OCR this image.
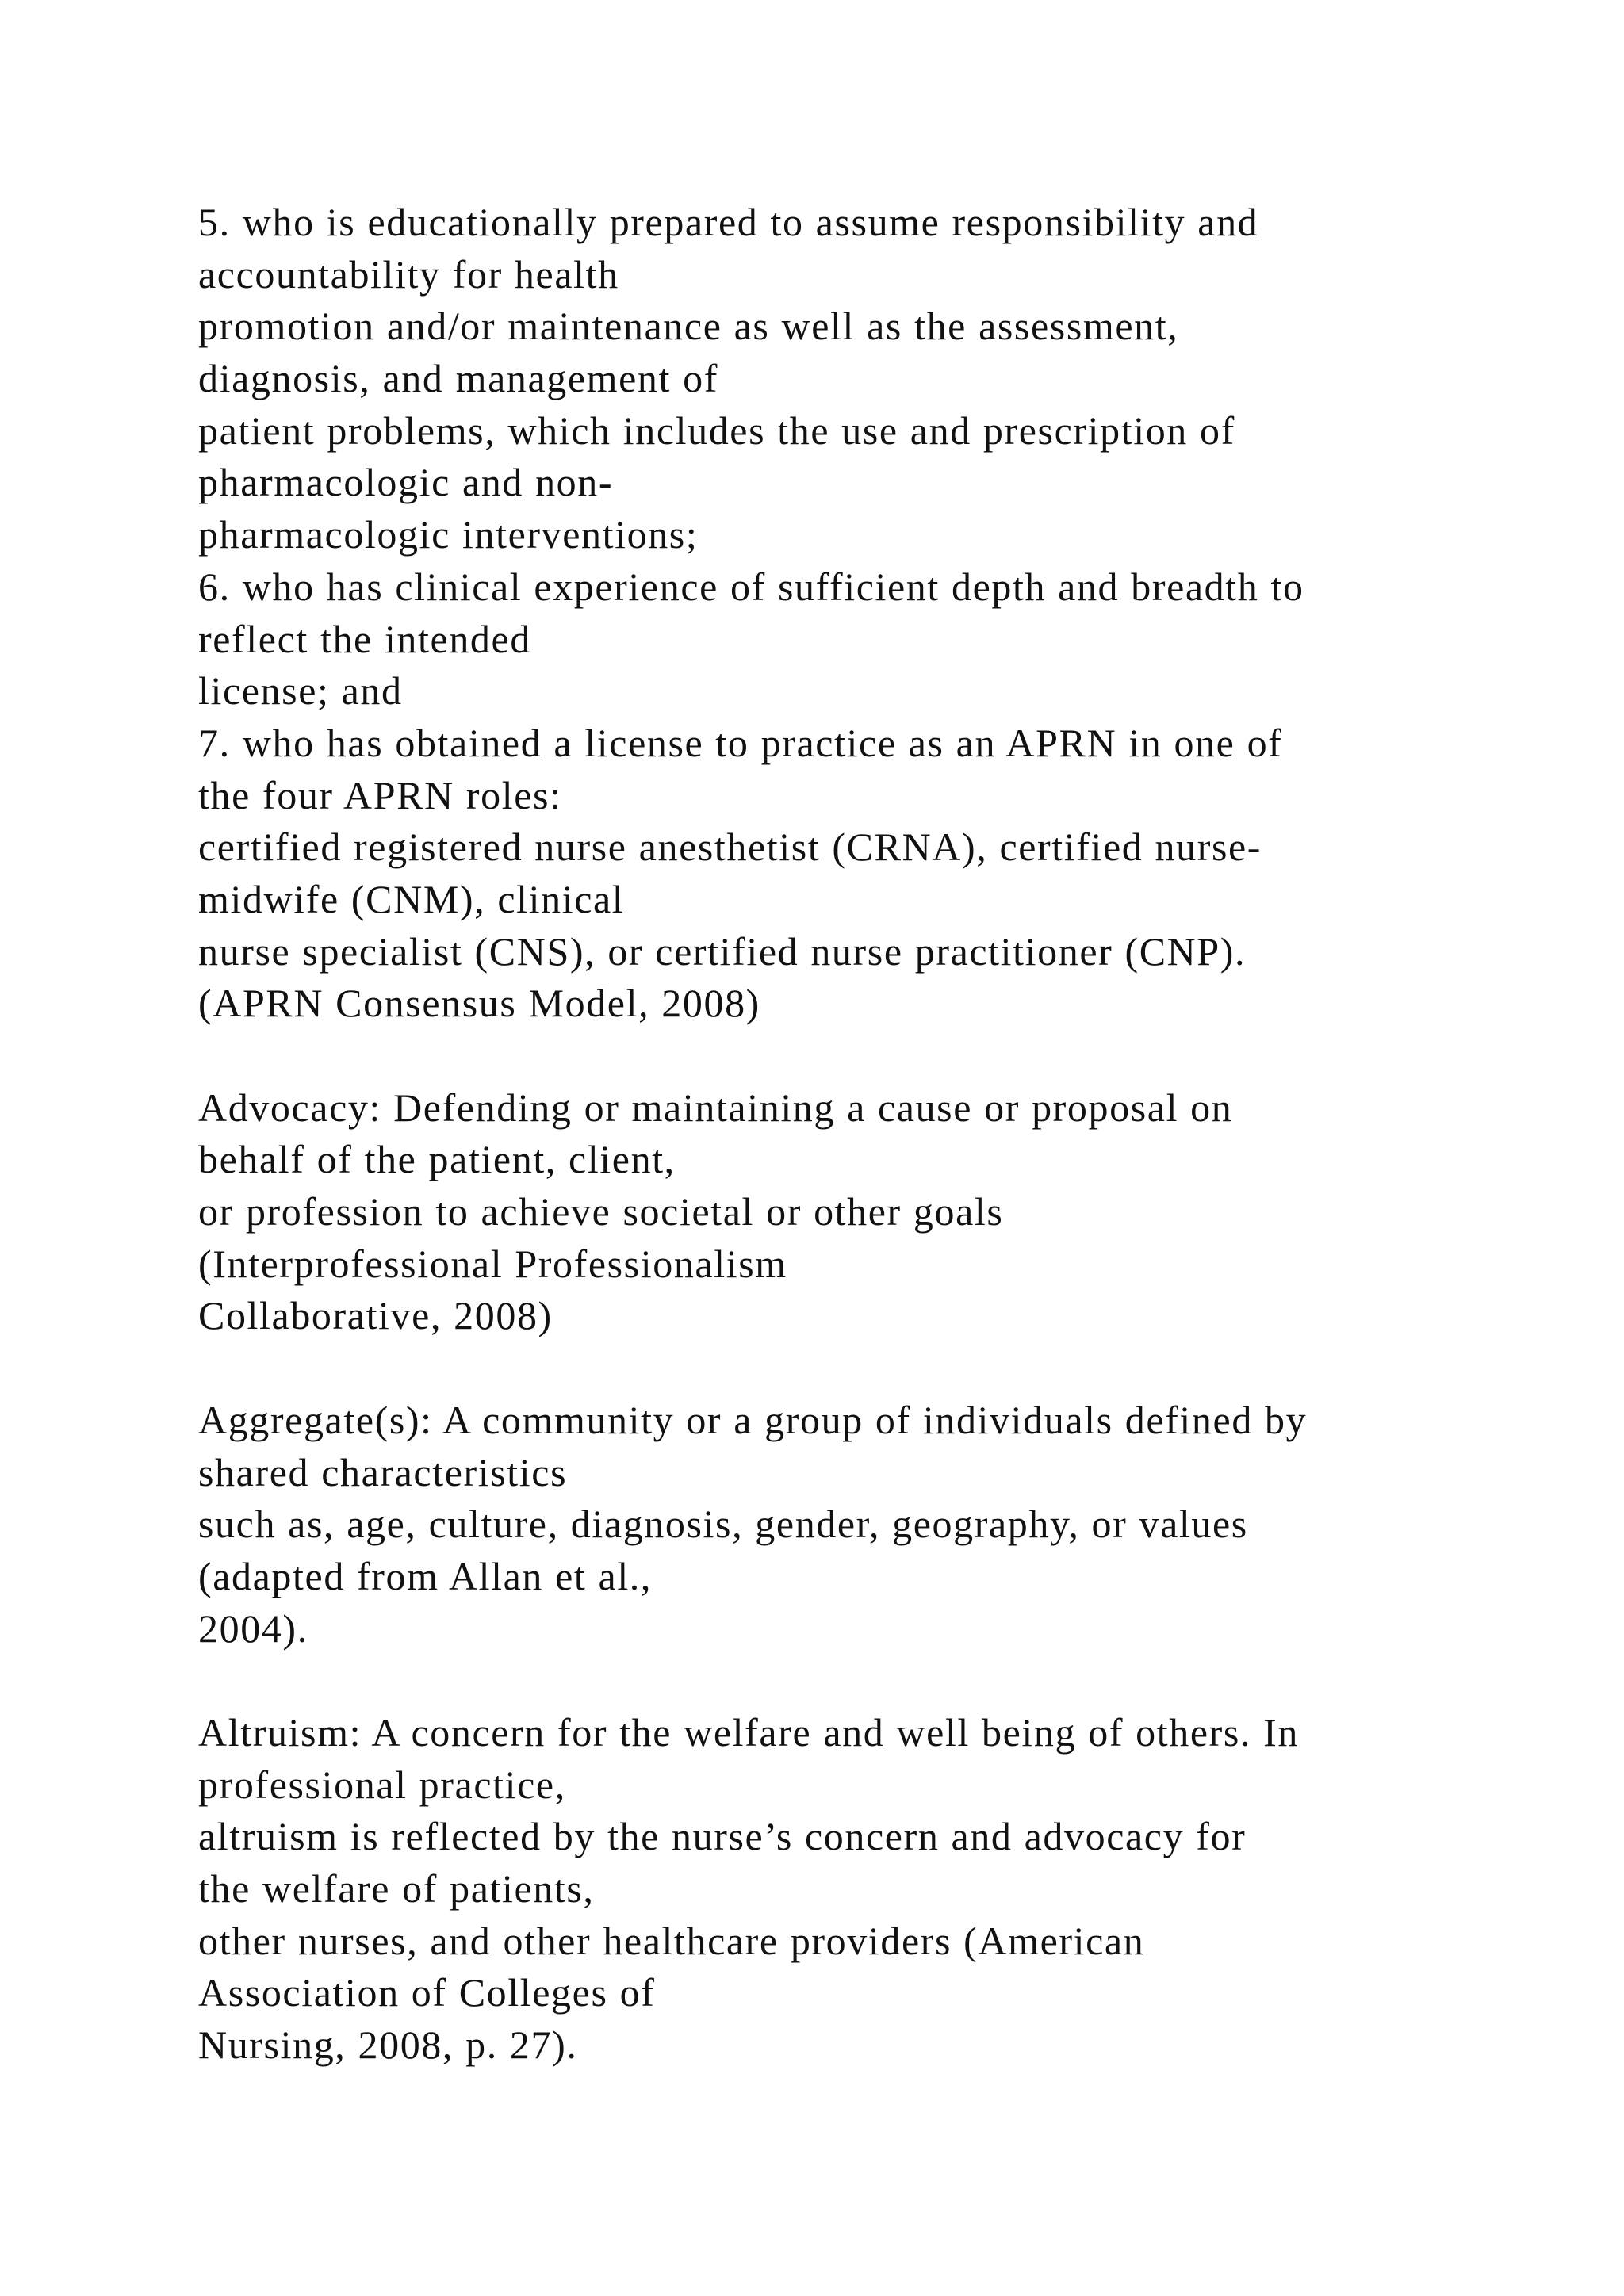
5. who is educationally prepared to assume responsibility and
accountability for health
promotion and/or maintenance as well as the assessment,
diagnosis, and management of
patient problems, which includes the use and prescription of
pharmacologic and non-
pharmacologic interventions;
6. who has clinical experience of sufficient depth and breadth to
reflect the intended
license; and
7. who has obtained a license to practice as an APRN in one of
the four APRN roles:
certified registered nurse anesthetist (CRNA), certified nurse-
midwife (CNM), clinical
nurse specialist (CNS), or certified nurse practitioner (CNP).
(APRN Consensus Model, 2008)
Advocacy: Defending or maintaining a cause or proposal on
behalf of the patient, client,
or profession to achieve societal or other goals
(Interprofessional Professionalism
Collaborative, 2008)
Aggregate(s): A community or a group of individuals defined by
shared characteristics
such as, age, culture, diagnosis, gender, geography, or values
(adapted from Allan et al.,
2004).
Altruism: A concern for the welfare and well being of others. In
professional practice,
altruism is reflected by the nurse’s concern and advocacy for
the welfare of patients,
other nurses, and other healthcare providers (American
Association of Colleges of
Nursing, 2008, p. 27).
